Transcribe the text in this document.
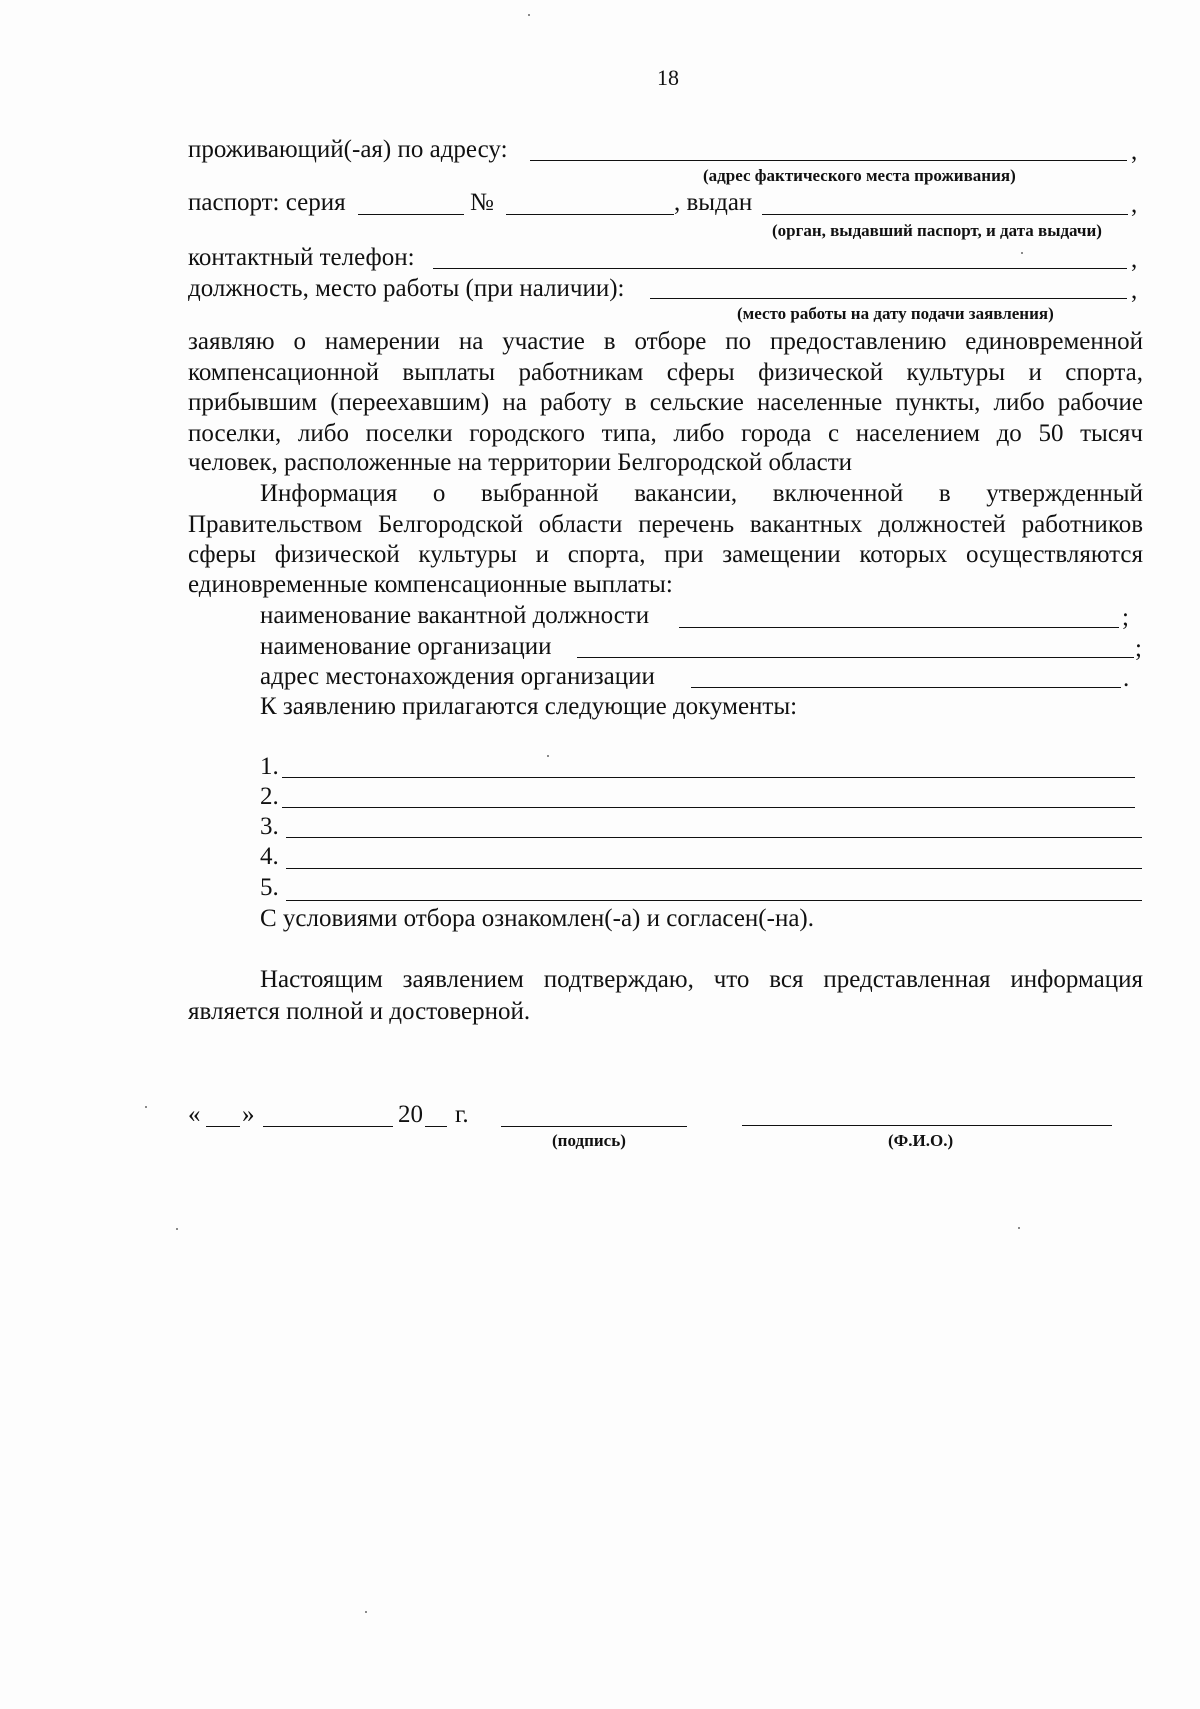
18
проживающий(-ая) по адресу:	,
(адрес фактического места проживания)
паспорт: серия	№	, выдан	,
(орган, выдавший паспорт, и дата выдачи)
контактный телефон:	,
должность, место работы (при наличии):	,
(место работы на дату подачи заявления)
заявляю о намерении на участие в отборе по предоставлению единовременной
компенсационной выплаты работникам сферы физической культуры и спорта,
прибывшим (переехавшим) на работу в сельские населенные пункты, либо рабочие
поселки, либо поселки городского типа, либо города с населением до 50 тысяч
человек, расположенные на территории Белгородской области
Информация о выбранной вакансии, включенной в утвержденный
Правительством Белгородской области перечень вакантных должностей работников
сферы физической культуры и спорта, при замещении которых осуществляются
единовременные компенсационные выплаты:
наименование вакантной должности	;
наименование организации	;
адрес местонахождения организации	.
К заявлению прилагаются следующие документы:
1.
2.
3.
4.
5.
С условиями отбора ознакомлен(-а) и согласен(-на).
Настоящим заявлением подтверждаю, что вся представленная информация
является полной и достоверной.
« »	20 г.
(подпись)	(Ф.И.О.)
